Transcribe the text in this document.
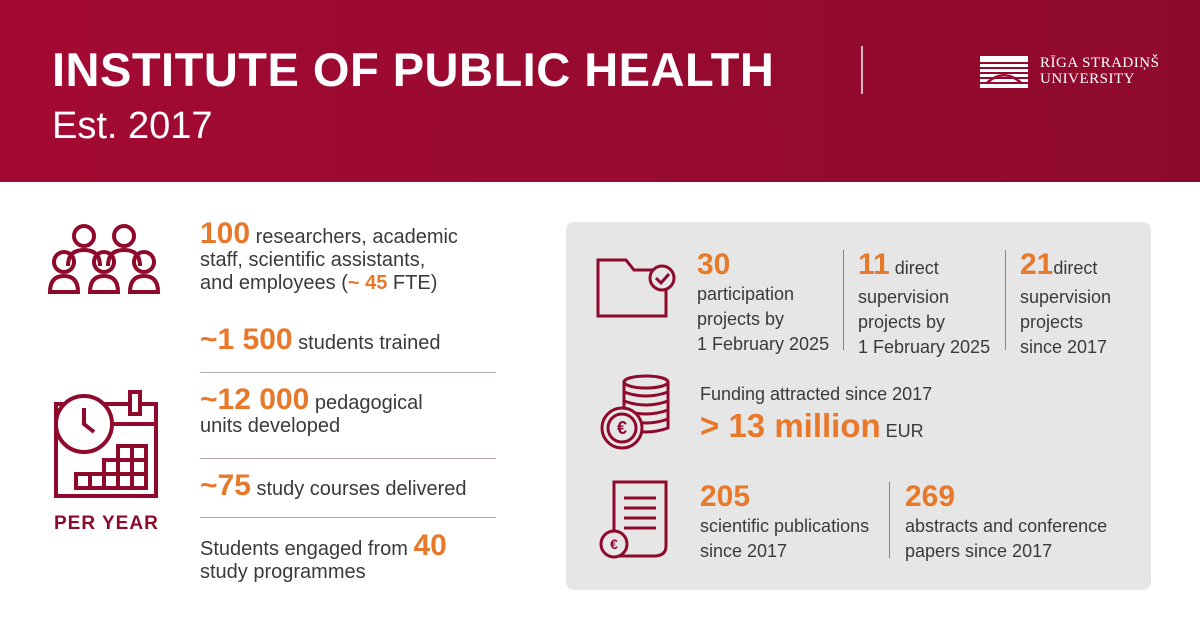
INSTITUTE OF PUBLIC HEALTH
Est. 2017
RĪGA STRADIŅŠ
UNIVERSITY
PER YEAR
100 researchers, academic
staff, scientific assistants,
and employees (~ 45 FTE)
~1 500 students trained
~12 000 pedagogical
units developed
~75 study courses delivered
Students engaged from 40
study programmes
30
participation
projects by
1 February 2025
11 direct
supervision
projects by
1 February 2025
21direct
supervision
projects
since 2017
€
Funding attracted since 2017
> 13 million EUR
€
205
scientific publications
since 2017
269
abstracts and conference
papers since 2017
